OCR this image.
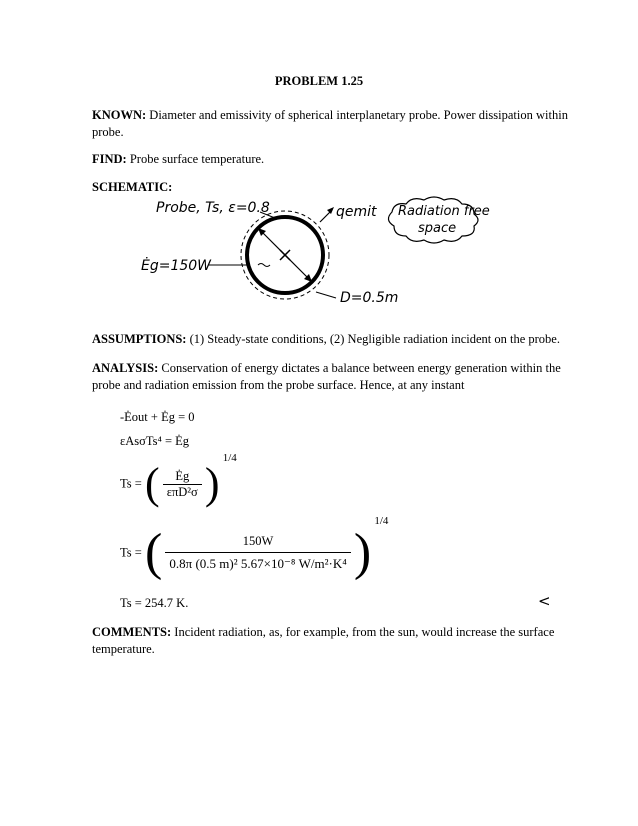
PROBLEM 1.25
KNOWN: Diameter and emissivity of spherical interplanetary probe. Power dissipation within probe.
FIND: Probe surface temperature.
SCHEMATIC:
Probe, Ts, ε=0.8	qemit Radiation free
space
Ėg=150W
D=0.5m
ASSUMPTIONS: (1) Steady-state conditions, (2) Negligible radiation incident on the probe.
ANALYSIS: Conservation of energy dictates a balance between energy generation within the probe and radiation emission from the probe surface. Hence, at any instant
-Ėout + Ėg = 0
εAsσTs⁴ = Ėg
Ts = ( $\frac{Ėg}{\text{επD²σ}}$ ) 1/4
Ts = ( $\frac{150W}{\text{0.8π (0.5 m)² 5.67×10⁻⁸ W/m²·K⁴}}$ ) 1/4
Ts = 254.7 K.	<
COMMENTS: Incident radiation, as, for example, from the sun, would increase the surface temperature.
